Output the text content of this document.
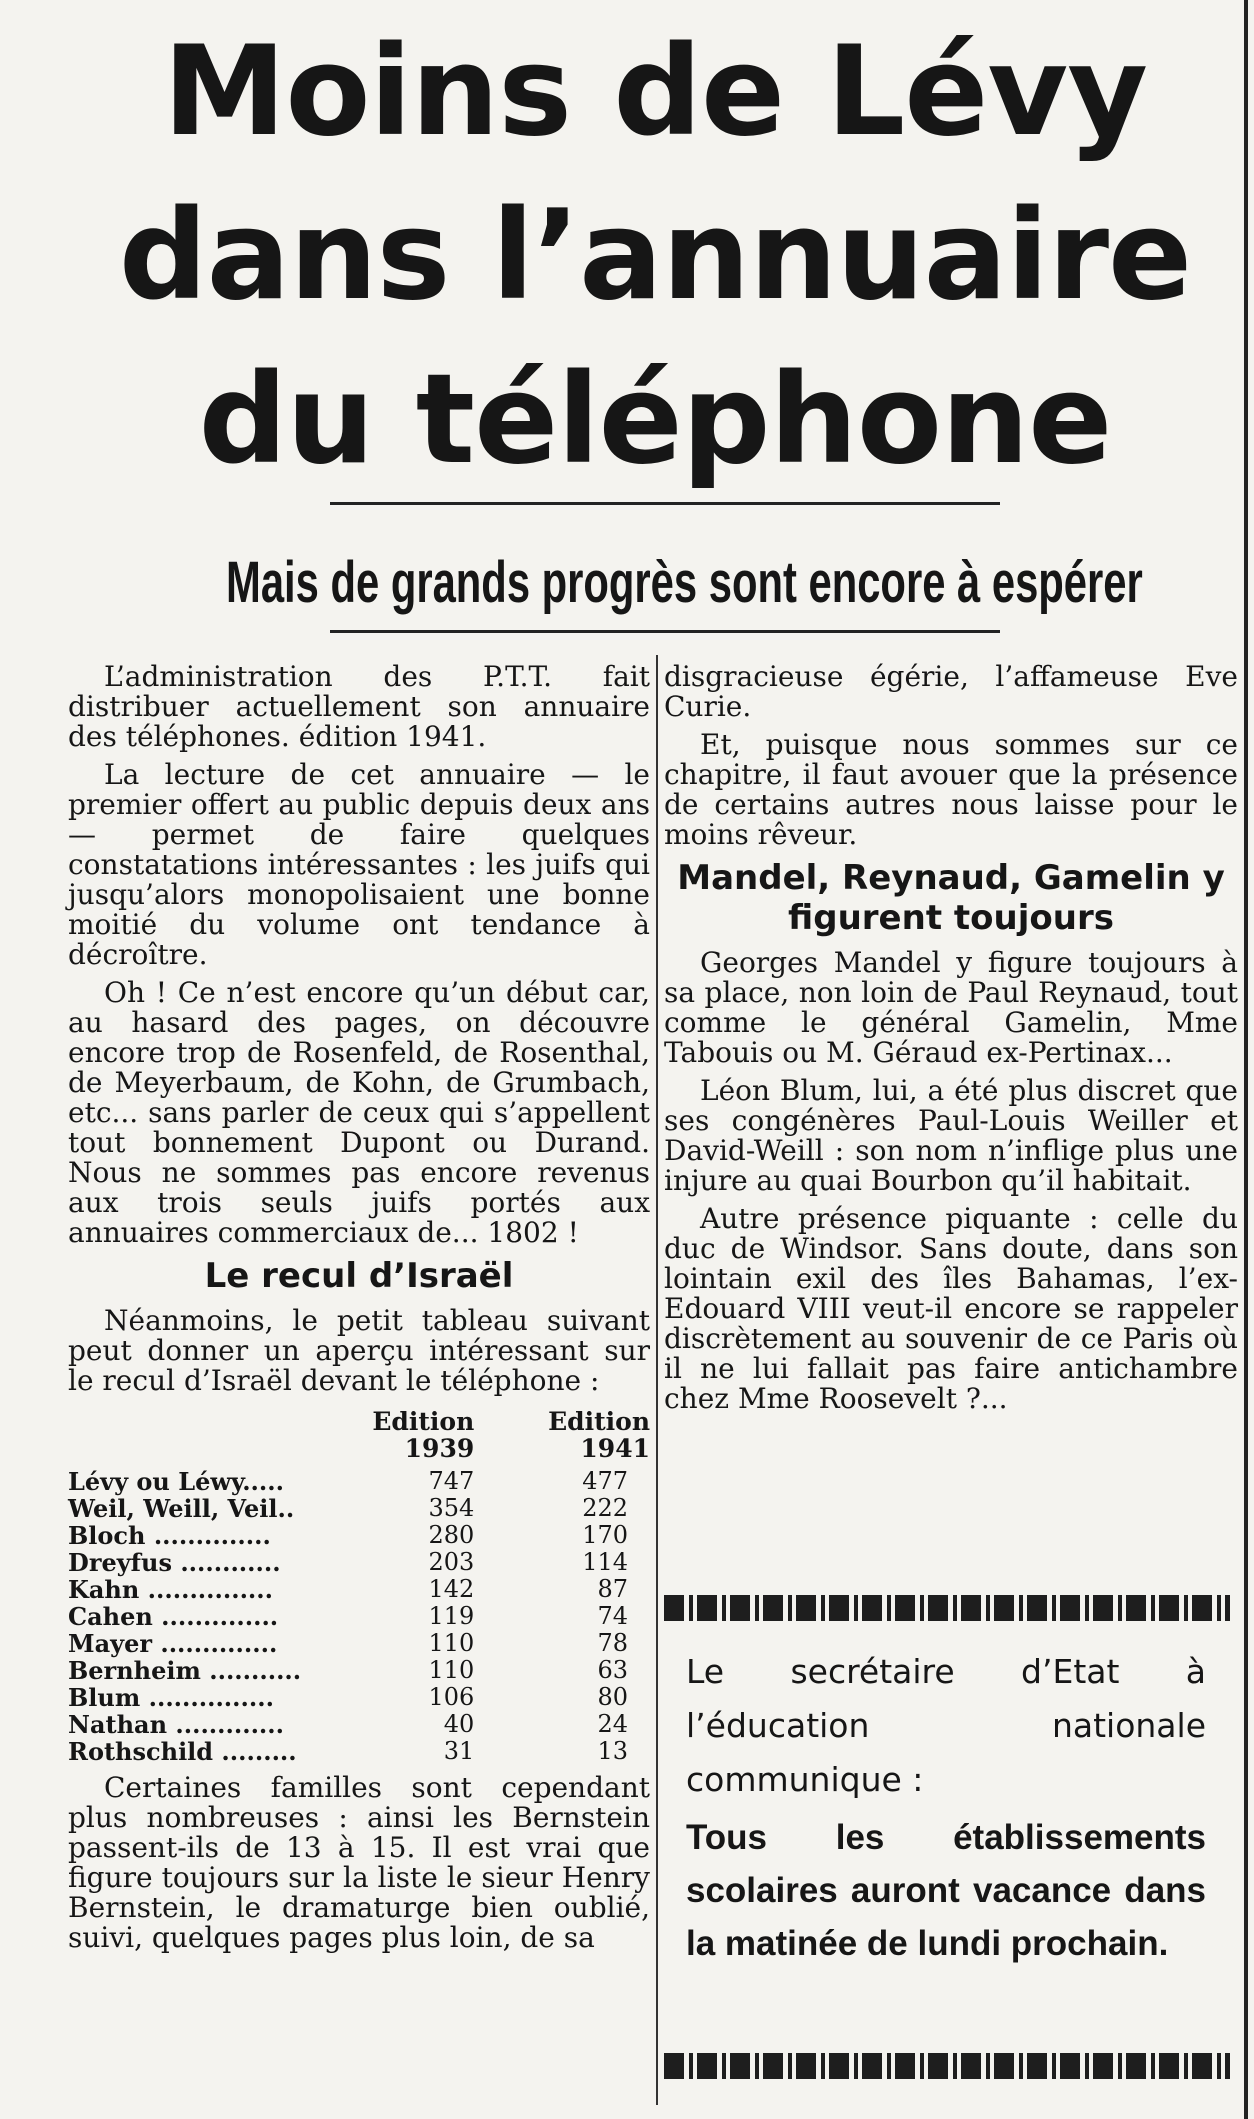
Moins de Lévy
dans l’annuaire
du téléphone
Mais de grands progrès sont encore à espérer

L’administration des P.T.T. fait distribuer actuellement son annuaire des téléphones. édition 1941.

La lecture de cet annuaire — le premier offert au public depuis deux ans — permet de faire quelques constatations intéressantes : les juifs qui jusqu’alors monopolisaient une bonne moitié du volume ont tendance à décroître.

Oh ! Ce n’est encore qu’un début car, au hasard des pages, on découvre encore trop de Rosenfeld, de Rosenthal, de Meyerbaum, de Kohn, de Grumbach, etc... sans parler de ceux qui s’appellent tout bonnement Dupont ou Durand. Nous ne sommes pas encore revenus aux trois seuls juifs portés aux annuaires commerciaux de... 1802 !

Le recul d’Israël

Néanmoins, le petit tableau suivant peut donner un aperçu intéressant sur le recul d’Israël devant le téléphone :

	Edition 1939	Edition 1941
Lévy ou Léwy.....	747	477
Weil, Weill, Veil..	354	222
Bloch ..............	280	170
Dreyfus ............	203	114
Kahn ...............	142	87
Cahen ..............	119	74
Mayer ..............	110	78
Bernheim ...........	110	63
Blum ...............	106	80
Nathan .............	40	24
Rothschild .........	31	13

Certaines familles sont cependant plus nombreuses : ainsi les Bernstein passent-ils de 13 à 15. Il est vrai que figure toujours sur la liste le sieur Henry Bernstein, le dramaturge bien oublié, suivi, quelques pages plus loin, de sa

disgracieuse égérie, l’affameuse Eve Curie.

Et, puisque nous sommes sur ce chapitre, il faut avouer que la présence de certains autres nous laisse pour le moins rêveur.

Mandel, Reynaud, Gamelin y figurent toujours

Georges Mandel y figure toujours à sa place, non loin de Paul Reynaud, tout comme le général Gamelin, Mme Tabouis ou M. Géraud ex-Pertinax...

Léon Blum, lui, a été plus discret que ses congénères Paul-Louis Weiller et David-Weill : son nom n’inflige plus une injure au quai Bourbon qu’il habitait.

Autre présence piquante : celle du duc de Windsor. Sans doute, dans son lointain exil des îles Bahamas, l’ex-Edouard VIII veut-il encore se rappeler discrètement au souvenir de ce Paris où il ne lui fallait pas faire antichambre chez Mme Roosevelt ?...

Le secrétaire d’Etat à l’éducation nationale communique :
Tous les établissements scolaires auront vacance dans la matinée de lundi prochain.
